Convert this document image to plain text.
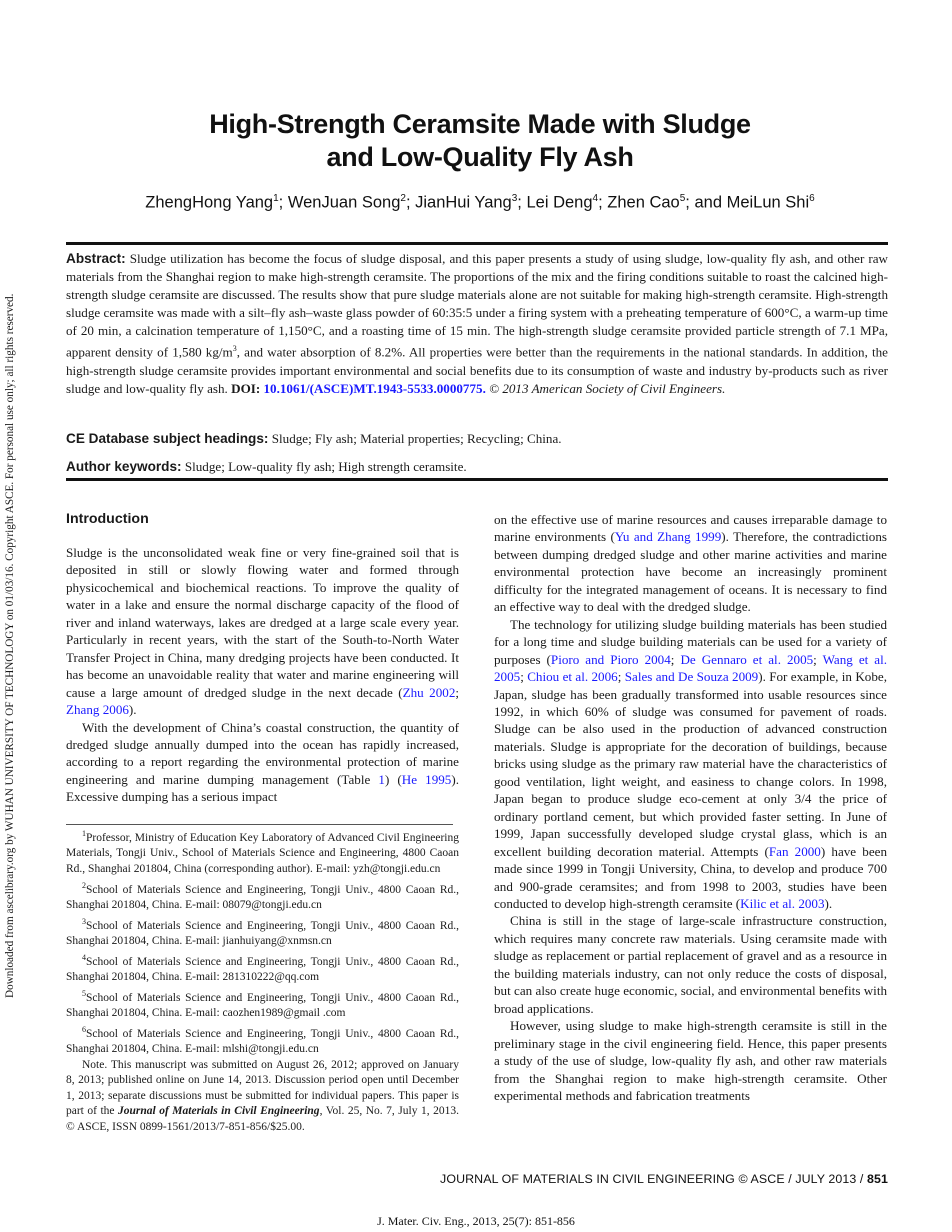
Downloaded from ascelibrary.org by WUHAN UNIVERSITY OF TECHNOLOGY on 01/03/16. Copyright ASCE. For personal use only; all rights reserved.
High-Strength Ceramsite Made with Sludge
and Low-Quality Fly Ash
ZhengHong Yang$^1$; WenJuan Song$^2$; JianHui Yang$^3$; Lei Deng$^4$; Zhen Cao$^5$; and MeiLun Shi$^6$
Abstract: Sludge utilization has become the focus of sludge disposal, and this paper presents a study of using sludge, low-quality fly ash, and other raw materials from the Shanghai region to make high-strength ceramsite. The proportions of the mix and the firing conditions suitable to roast the calcined high-strength sludge ceramsite are discussed. The results show that pure sludge materials alone are not suitable for making high-strength ceramsite. High-strength sludge ceramsite was made with a silt–fly ash–waste glass powder of 60:35:5 under a firing system with a preheating temperature of 600°C, a warm-up time of 20 min, a calcination temperature of 1,150°C, and a roasting time of 15 min. The high-strength sludge ceramsite provided particle strength of 7.1 MPa, apparent density of 1,580 $kg/m^3$, and water absorption of 8.2%. All properties were better than the requirements in the national standards. In addition, the high-strength sludge ceramsite provides important environmental and social benefits due to its consumption of waste and industry by-products such as river sludge and low-quality fly ash. DOI: 10.1061/(ASCE)MT.1943-5533.0000775. © 2013 American Society of Civil Engineers.
CE Database subject headings: Sludge; Fly ash; Material properties; Recycling; China.
Author keywords: Sludge; Low-quality fly ash; High strength ceramsite.
Introduction

Sludge is the unconsolidated weak fine or very fine-grained soil that is deposited in still or slowly flowing water and formed through physicochemical and biochemical reactions. To improve the quality of water in a lake and ensure the normal discharge capacity of the flood of river and inland waterways, lakes are dredged at a large scale every year. Particularly in recent years, with the start of the South-to-North Water Transfer Project in China, many dredging projects have been conducted. It has become an unavoidable reality that water and marine engineering will cause a large amount of dredged sludge in the next decade (Zhu 2002; Zhang 2006).

With the development of China’s coastal construction, the quantity of dredged sludge annually dumped into the ocean has rapidly increased, according to a report regarding the environmental protection of marine engineering and marine dumping management (Table 1) (He 1995). Excessive dumping has a serious impact

$^1$Professor, Ministry of Education Key Laboratory of Advanced Civil Engineering Materials, Tongji Univ., School of Materials Science and Engineering, 4800 Caoan Rd., Shanghai 201804, China (corresponding author). E-mail: yzh@tongji.edu.cn

$^2$School of Materials Science and Engineering, Tongji Univ., 4800 Caoan Rd., Shanghai 201804, China. E-mail: 08079@tongji.edu.cn

$^3$School of Materials Science and Engineering, Tongji Univ., 4800 Caoan Rd., Shanghai 201804, China. E-mail: jianhuiyang@xnmsn.cn

$^4$School of Materials Science and Engineering, Tongji Univ., 4800 Caoan Rd., Shanghai 201804, China. E-mail: 281310222@qq.com

$^5$School of Materials Science and Engineering, Tongji Univ., 4800 Caoan Rd., Shanghai 201804, China. E-mail: caozhen1989@gmail .com

$^6$School of Materials Science and Engineering, Tongji Univ., 4800 Caoan Rd., Shanghai 201804, China. E-mail: mlshi@tongji.edu.cn

Note. This manuscript was submitted on August 26, 2012; approved on January 8, 2013; published online on June 14, 2013. Discussion period open until December 1, 2013; separate discussions must be submitted for individual papers. This paper is part of the Journal of Materials in Civil Engineering, Vol. 25, No. 7, July 1, 2013. © ASCE, ISSN 0899-1561/2013/7-851-856/$25.00.

on the effective use of marine resources and causes irreparable damage to marine environments (Yu and Zhang 1999). Therefore, the contradictions between dumping dredged sludge and other marine activities and marine environmental protection have become an increasingly prominent difficulty for the integrated management of oceans. It is necessary to find an effective way to deal with the dredged sludge.

The technology for utilizing sludge building materials has been studied for a long time and sludge building materials can be used for a variety of purposes (Pioro and Pioro 2004; De Gennaro et al. 2005; Wang et al. 2005; Chiou et al. 2006; Sales and De Souza 2009). For example, in Kobe, Japan, sludge has been gradually transformed into usable resources since 1992, in which 60% of sludge was consumed for pavement of roads. Sludge can be also used in the production of advanced construction materials. Sludge is appropriate for the decoration of buildings, because bricks using sludge as the primary raw material have the characteristics of good ventilation, light weight, and easiness to change colors. In 1998, Japan began to produce sludge eco-cement at only 3/4 the price of ordinary portland cement, but which provided faster setting. In June of 1999, Japan successfully developed sludge crystal glass, which is an excellent building decoration material. Attempts (Fan 2000) have been made since 1999 in Tongji University, China, to develop and produce 700 and 900-grade ceramsites; and from 1998 to 2003, studies have been conducted to develop high-strength ceramsite (Kilic et al. 2003).

China is still in the stage of large-scale infrastructure construction, which requires many concrete raw materials. Using ceramsite made with sludge as replacement or partial replacement of gravel and as a resource in the building materials industry, can not only reduce the costs of disposal, but can also create huge economic, social, and environmental benefits with broad applications.

However, using sludge to make high-strength ceramsite is still in the preliminary stage in the civil engineering field. Hence, this paper presents a study of the use of sludge, low-quality fly ash, and other raw materials from the Shanghai region to make high-strength ceramsite. Other experimental methods and fabrication treatments

JOURNAL OF MATERIALS IN CIVIL ENGINEERING © ASCE / JULY 2013 / 851
J. Mater. Civ. Eng., 2013, 25(7): 851-856
